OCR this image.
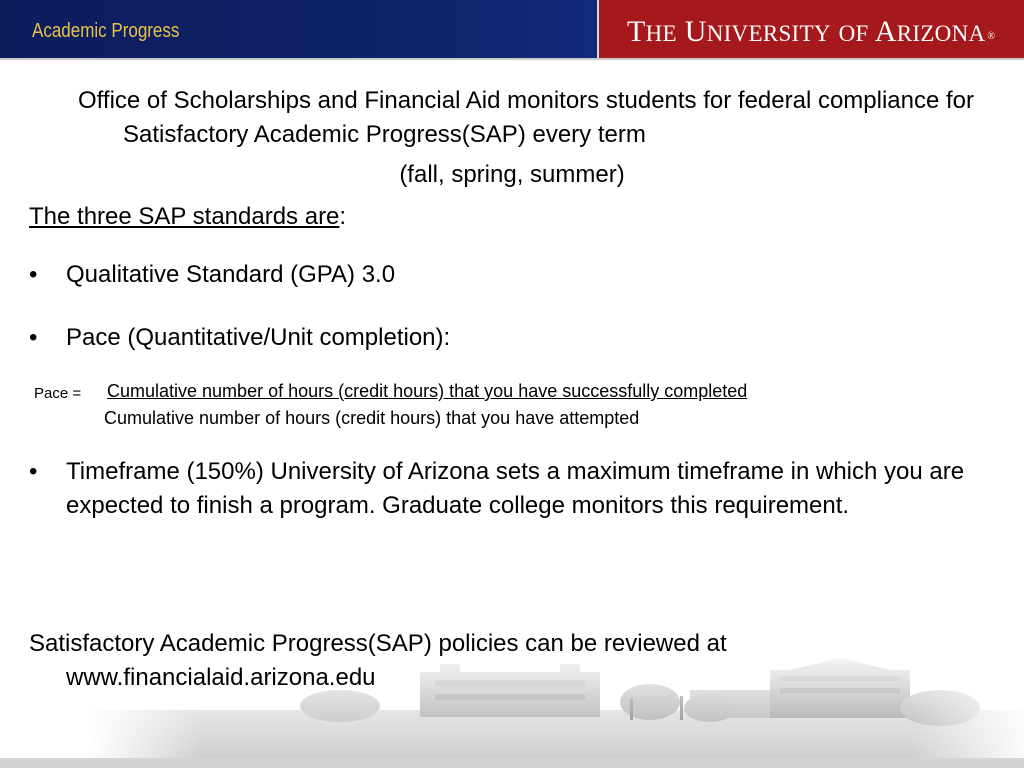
Academic Progress	THE UNIVERSITY OF ARIZONA ®
Office of Scholarships and Financial Aid monitors students for federal compliance for Satisfactory Academic Progress(SAP) every term
(fall, spring, summer)
The three SAP standards are:
•	Qualitative Standard (GPA) 3.0
•	Pace (Quantitative/Unit completion):
Pace = Cumulative number of hours (credit hours) that you have successfully completed
Cumulative number of hours (credit hours) that you have attempted
•	Timeframe (150%) University of Arizona sets a maximum timeframe in which you are expected to finish a program. Graduate college monitors this requirement.
Satisfactory Academic Progress(SAP) policies can be reviewed at www.financialaid.arizona.edu
